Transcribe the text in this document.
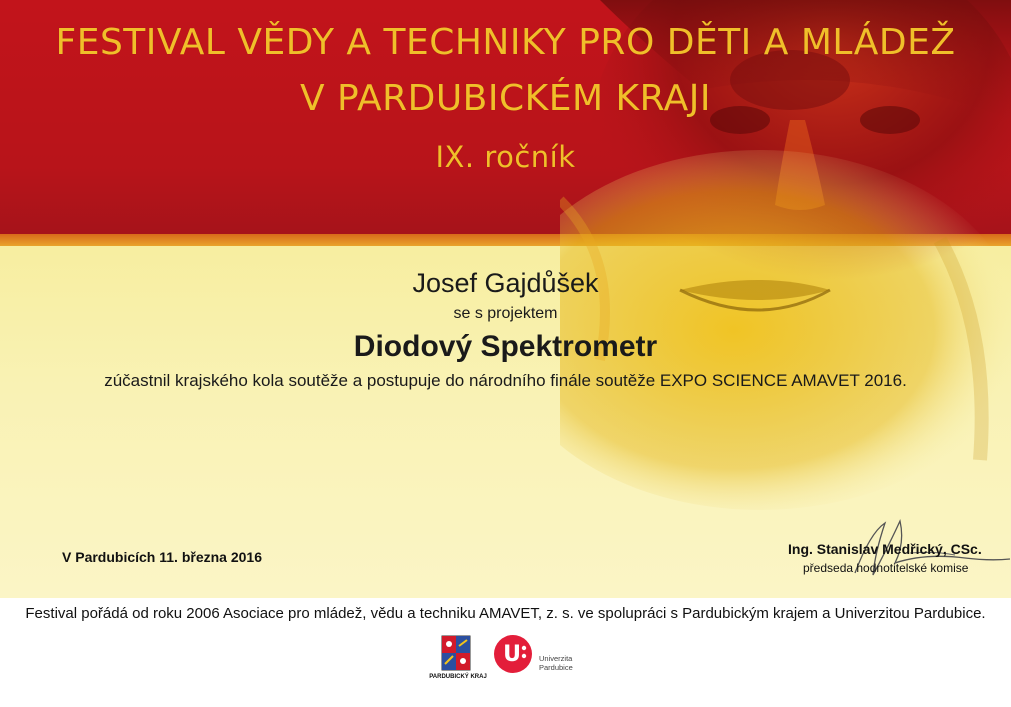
FESTIVAL VĚDY A TECHNIKY PRO DĚTI A MLÁDEŽ
V PARDUBICKÉM KRAJI
IX. ročník
Josef Gajdůšek
se s projektem
Diodový Spektrometr
zúčastnil krajského kola soutěže a postupuje do národního finále soutěže EXPO SCIENCE AMAVET 2016.
V Pardubicích 11. března 2016	Ing. Stanislav Medřický, CSc.
předseda hodnotitelské komise
Festival pořádá od roku 2006 Asociace pro mládež, vědu a techniku AMAVET, z. s. ve spolupráci s Pardubickým krajem a Univerzitou Pardubice.
PARDUBICKÝ KRAJ
U Univerzita
Pardubice
